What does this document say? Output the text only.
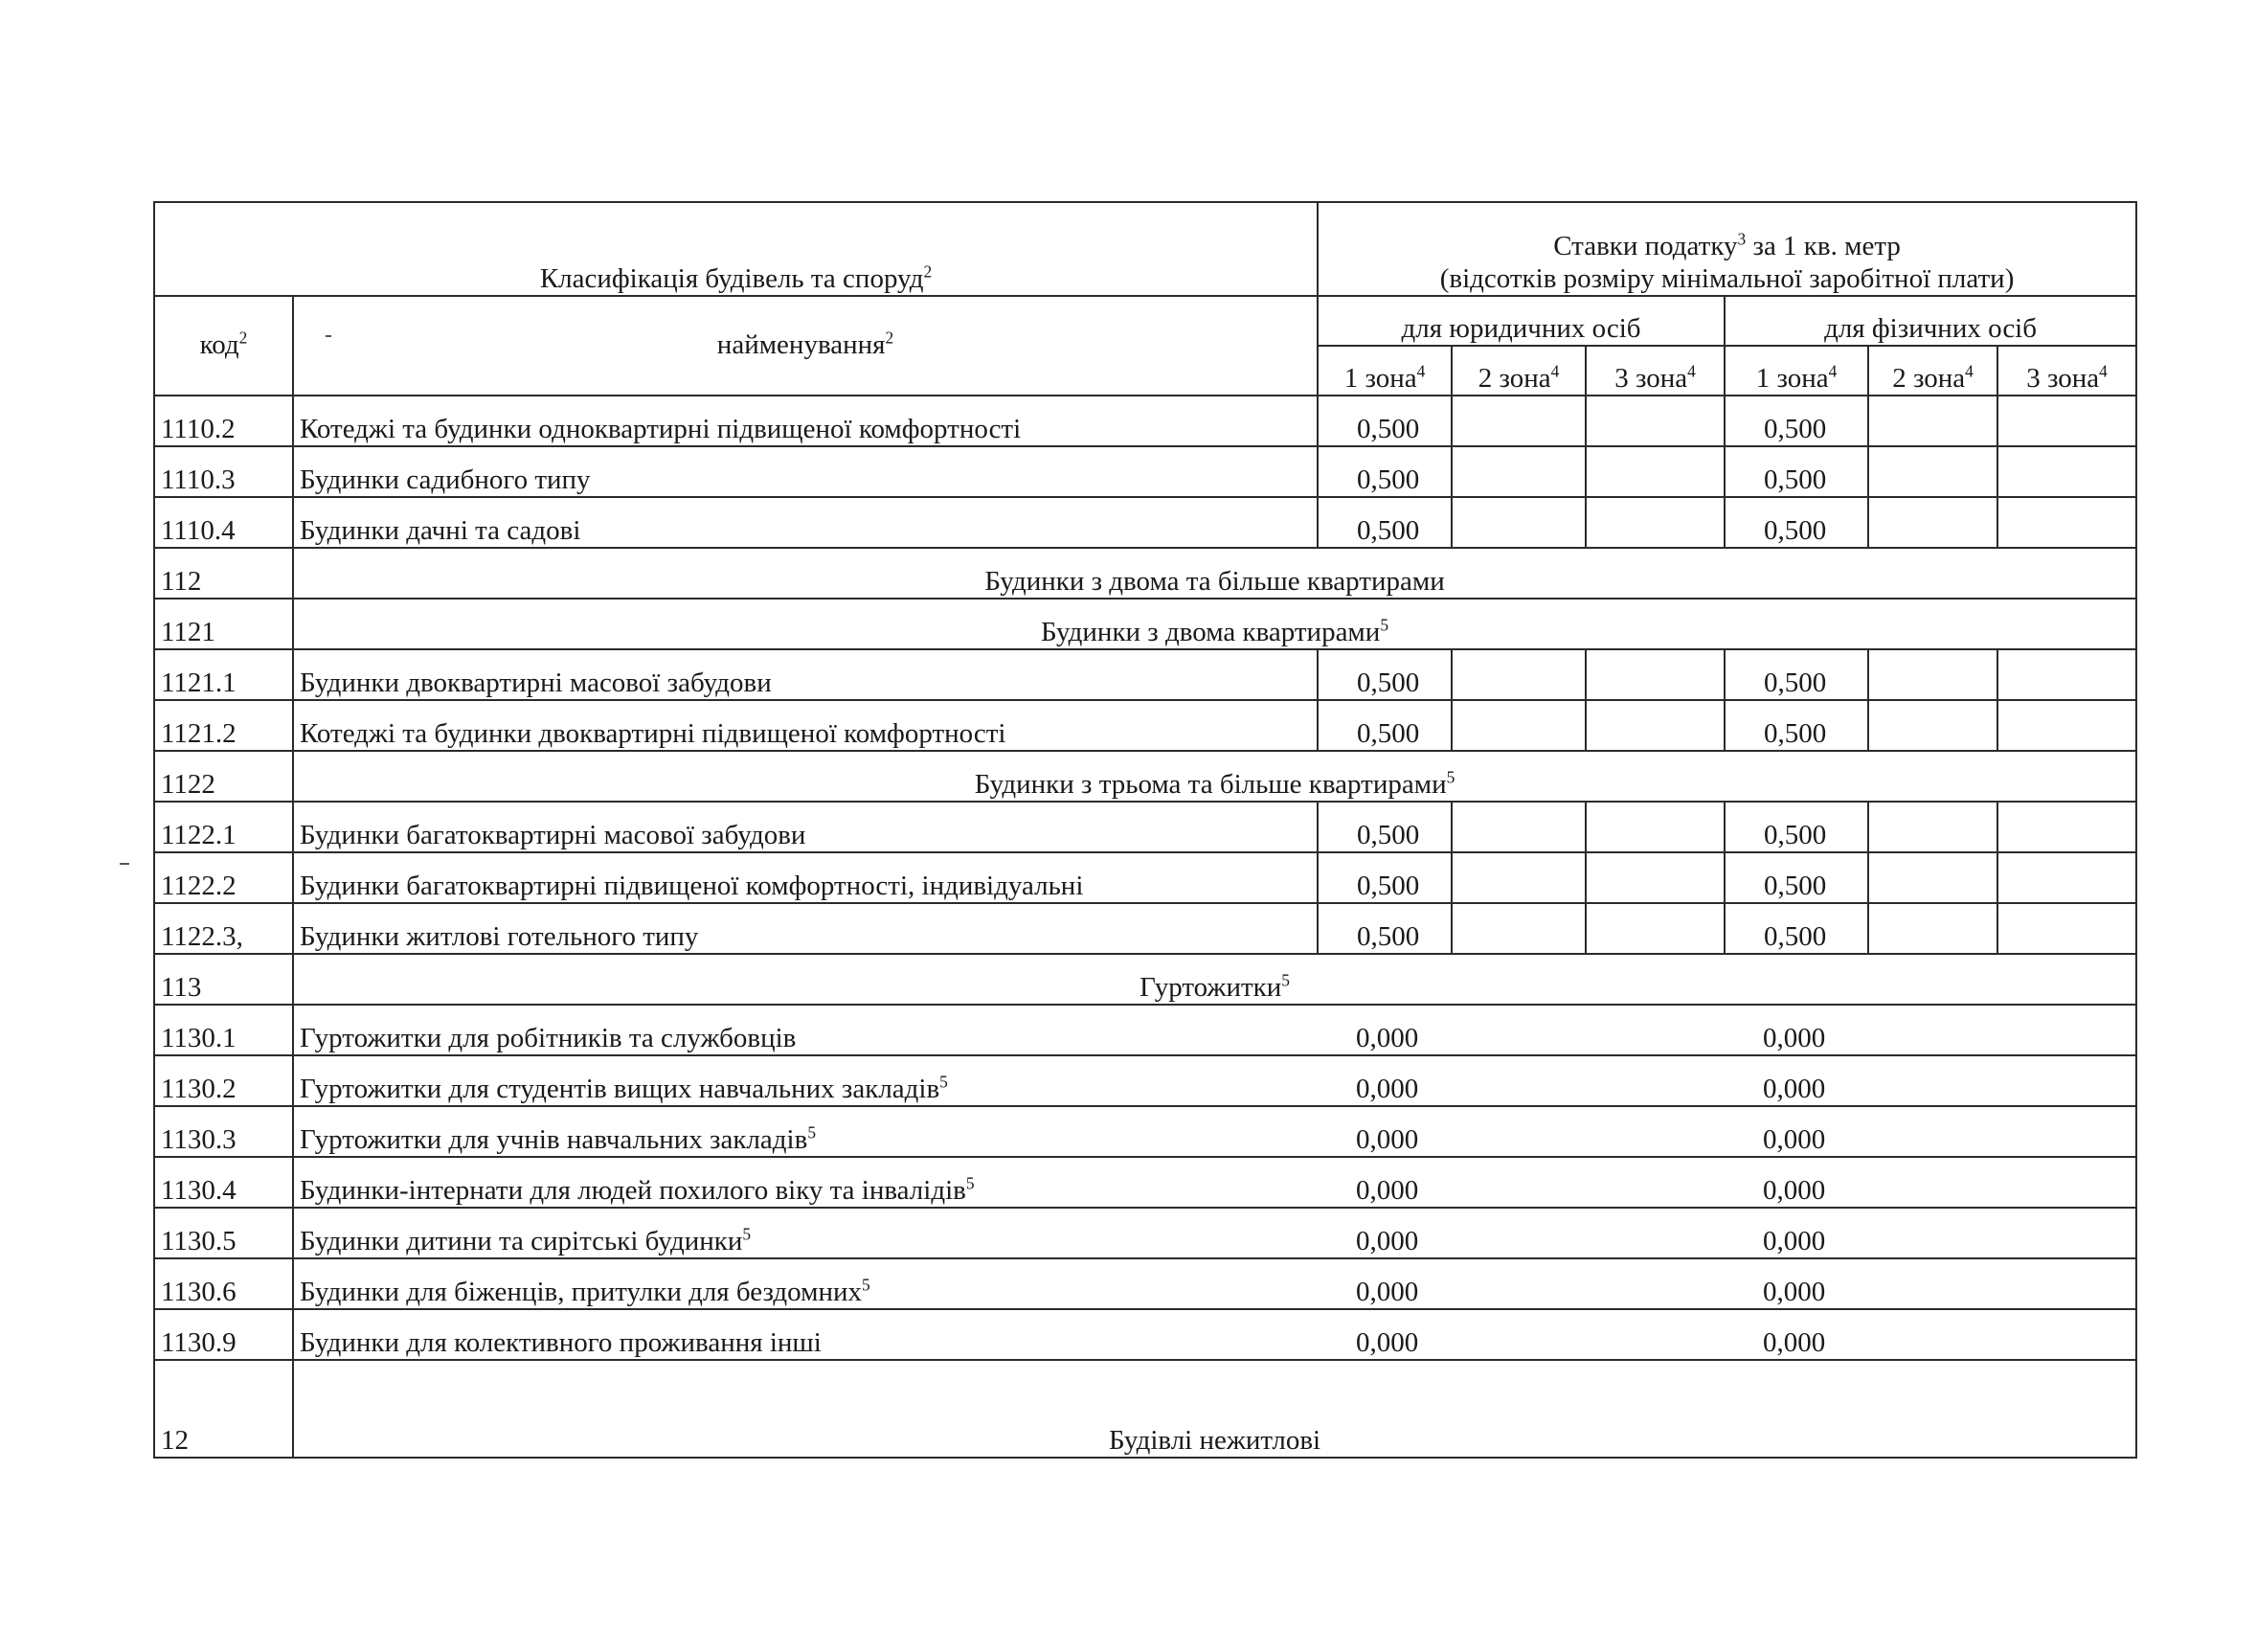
Класифікація будівель та споруд$^2$		Ставки податку$^3$ за 1 кв. метр
(відсотків розміру мінімальної заробітної плати)					

код$^2$	найменування$^2$	для юридичних осіб			для фізичних осіб		
		1 зона$^4$	2 зона$^4$	3 зона$^4$	1 зона$^4$	2 зона$^4$	3 зона$^4$
1110.2	Котеджі та будинки одноквартирні підвищеної комфортності	0,500			0,500		
1110.3	Будинки садибного типу	0,500			0,500		
1110.4	Будинки дачні та садові	0,500			0,500		
112	Будинки з двома та більше квартирами						
1121	Будинки з двома квартирами$^5$
1121.1	Будинки двоквартирні масової забудови	0,500			0,500		
1121.2	Котеджі та будинки двоквартирні підвищеної комфортності	0,500			0,500		
1122	Будинки з трьома та більше квартирами$^5$
1122.1	Будинки багатоквартирні масової забудови	0,500			0,500		
1122.2	Будинки багатоквартирні підвищеної комфортності, індивідуальні	0,500			0,500		
1122.3,	Будинки житлові готельного типу	0,500			0,500		
113	Гуртожитки$^5$
1130.1	Гуртожитки для робітників та службовців	0,000			0,000		
1130.2	Гуртожитки для студентів вищих навчальних закладів$^5$	0,000			0,000		
1130.3	Гуртожитки для учнів навчальних закладів$^5$	0,000			0,000		
1130.4	Будинки-інтернати для людей похилого віку та інвалідів$^5$	0,000			0,000		
1130.5	Будинки дитини та сирітські будинки$^5$	0,000			0,000		
1130.6	Будинки для біженців, притулки для бездомних$^5$	0,000			0,000		
1130.9	Будинки для колективного проживання інші	0,000			0,000		
12	Будівлі нежитлові						
